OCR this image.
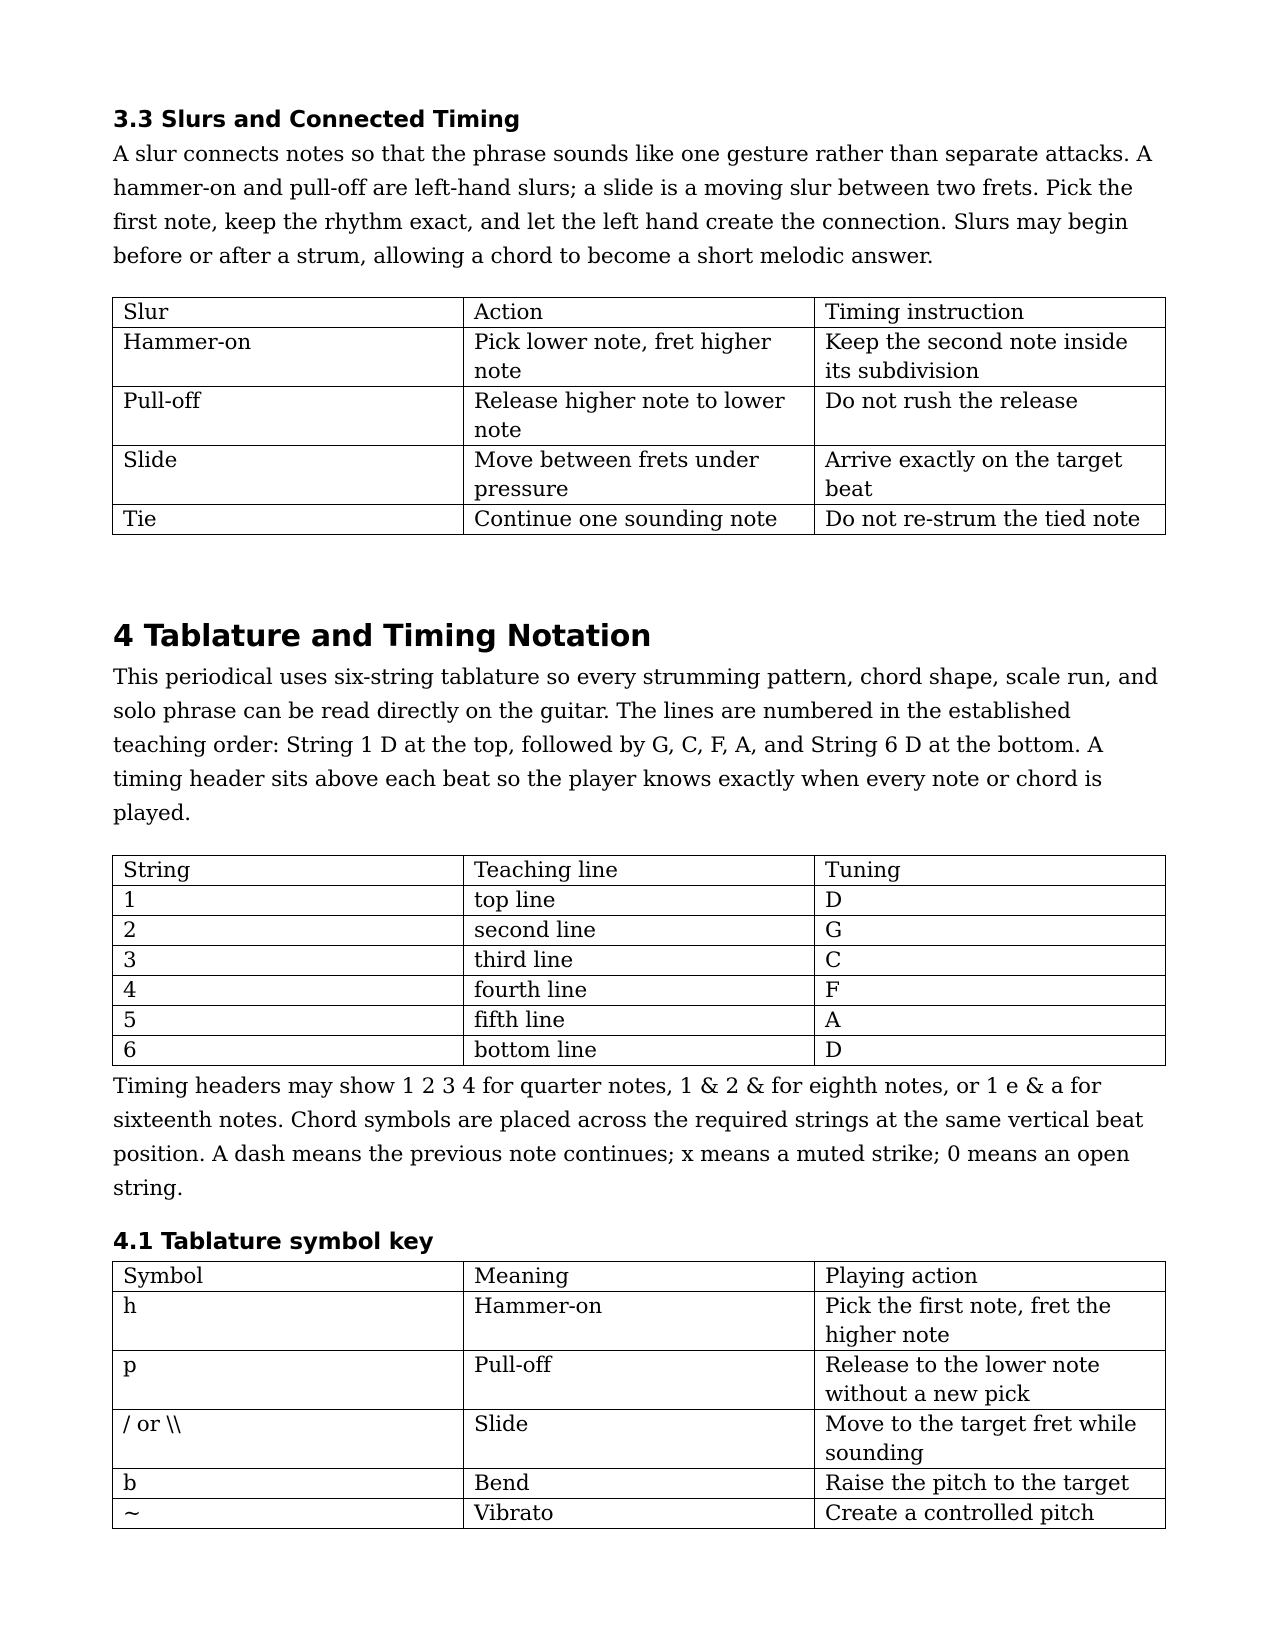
3.3 Slurs and Connected Timing

A slur connects notes so that the phrase sounds like one gesture rather than separate attacks. A hammer-on and pull-off are left-hand slurs; a slide is a moving slur between two frets. Pick the first note, keep the rhythm exact, and let the left hand create the connection. Slurs may begin before or after a strum, allowing a chord to become a short melodic answer.

Slur	Action	Timing instruction
Hammer-on	Pick lower note, fret higher note	Keep the second note inside its subdivision
Pull-off	Release higher note to lower note	Do not rush the release
Slide	Move between frets under pressure	Arrive exactly on the target beat
Tie	Continue one sounding note	Do not re-strum the tied note
4 Tablature and Timing Notation

This periodical uses six-string tablature so every strumming pattern, chord shape, scale run, and solo phrase can be read directly on the guitar. The lines are numbered in the established teaching order: String 1 D at the top, followed by G, C, F, A, and String 6 D at the bottom. A timing header sits above each beat so the player knows exactly when every note or chord is played.

String	Teaching line	Tuning
1	top line	D
2	second line	G
3	third line	C
4	fourth line	F
5	fifth line	A
6	bottom line	D

Timing headers may show 1 2 3 4 for quarter notes, 1 & 2 & for eighth notes, or 1 e & a for sixteenth notes. Chord symbols are placed across the required strings at the same vertical beat position. A dash means the previous note continues; x means a muted strike; 0 means an open string.

4.1 Tablature symbol key
Symbol	Meaning	Playing action
h	Hammer-on	Pick the first note, fret the higher note
p	Pull-off	Release to the lower note without a new pick
/ or \\	Slide	Move to the target fret while sounding
b	Bend	Raise the pitch to the target
~	Vibrato	Create a controlled pitch
